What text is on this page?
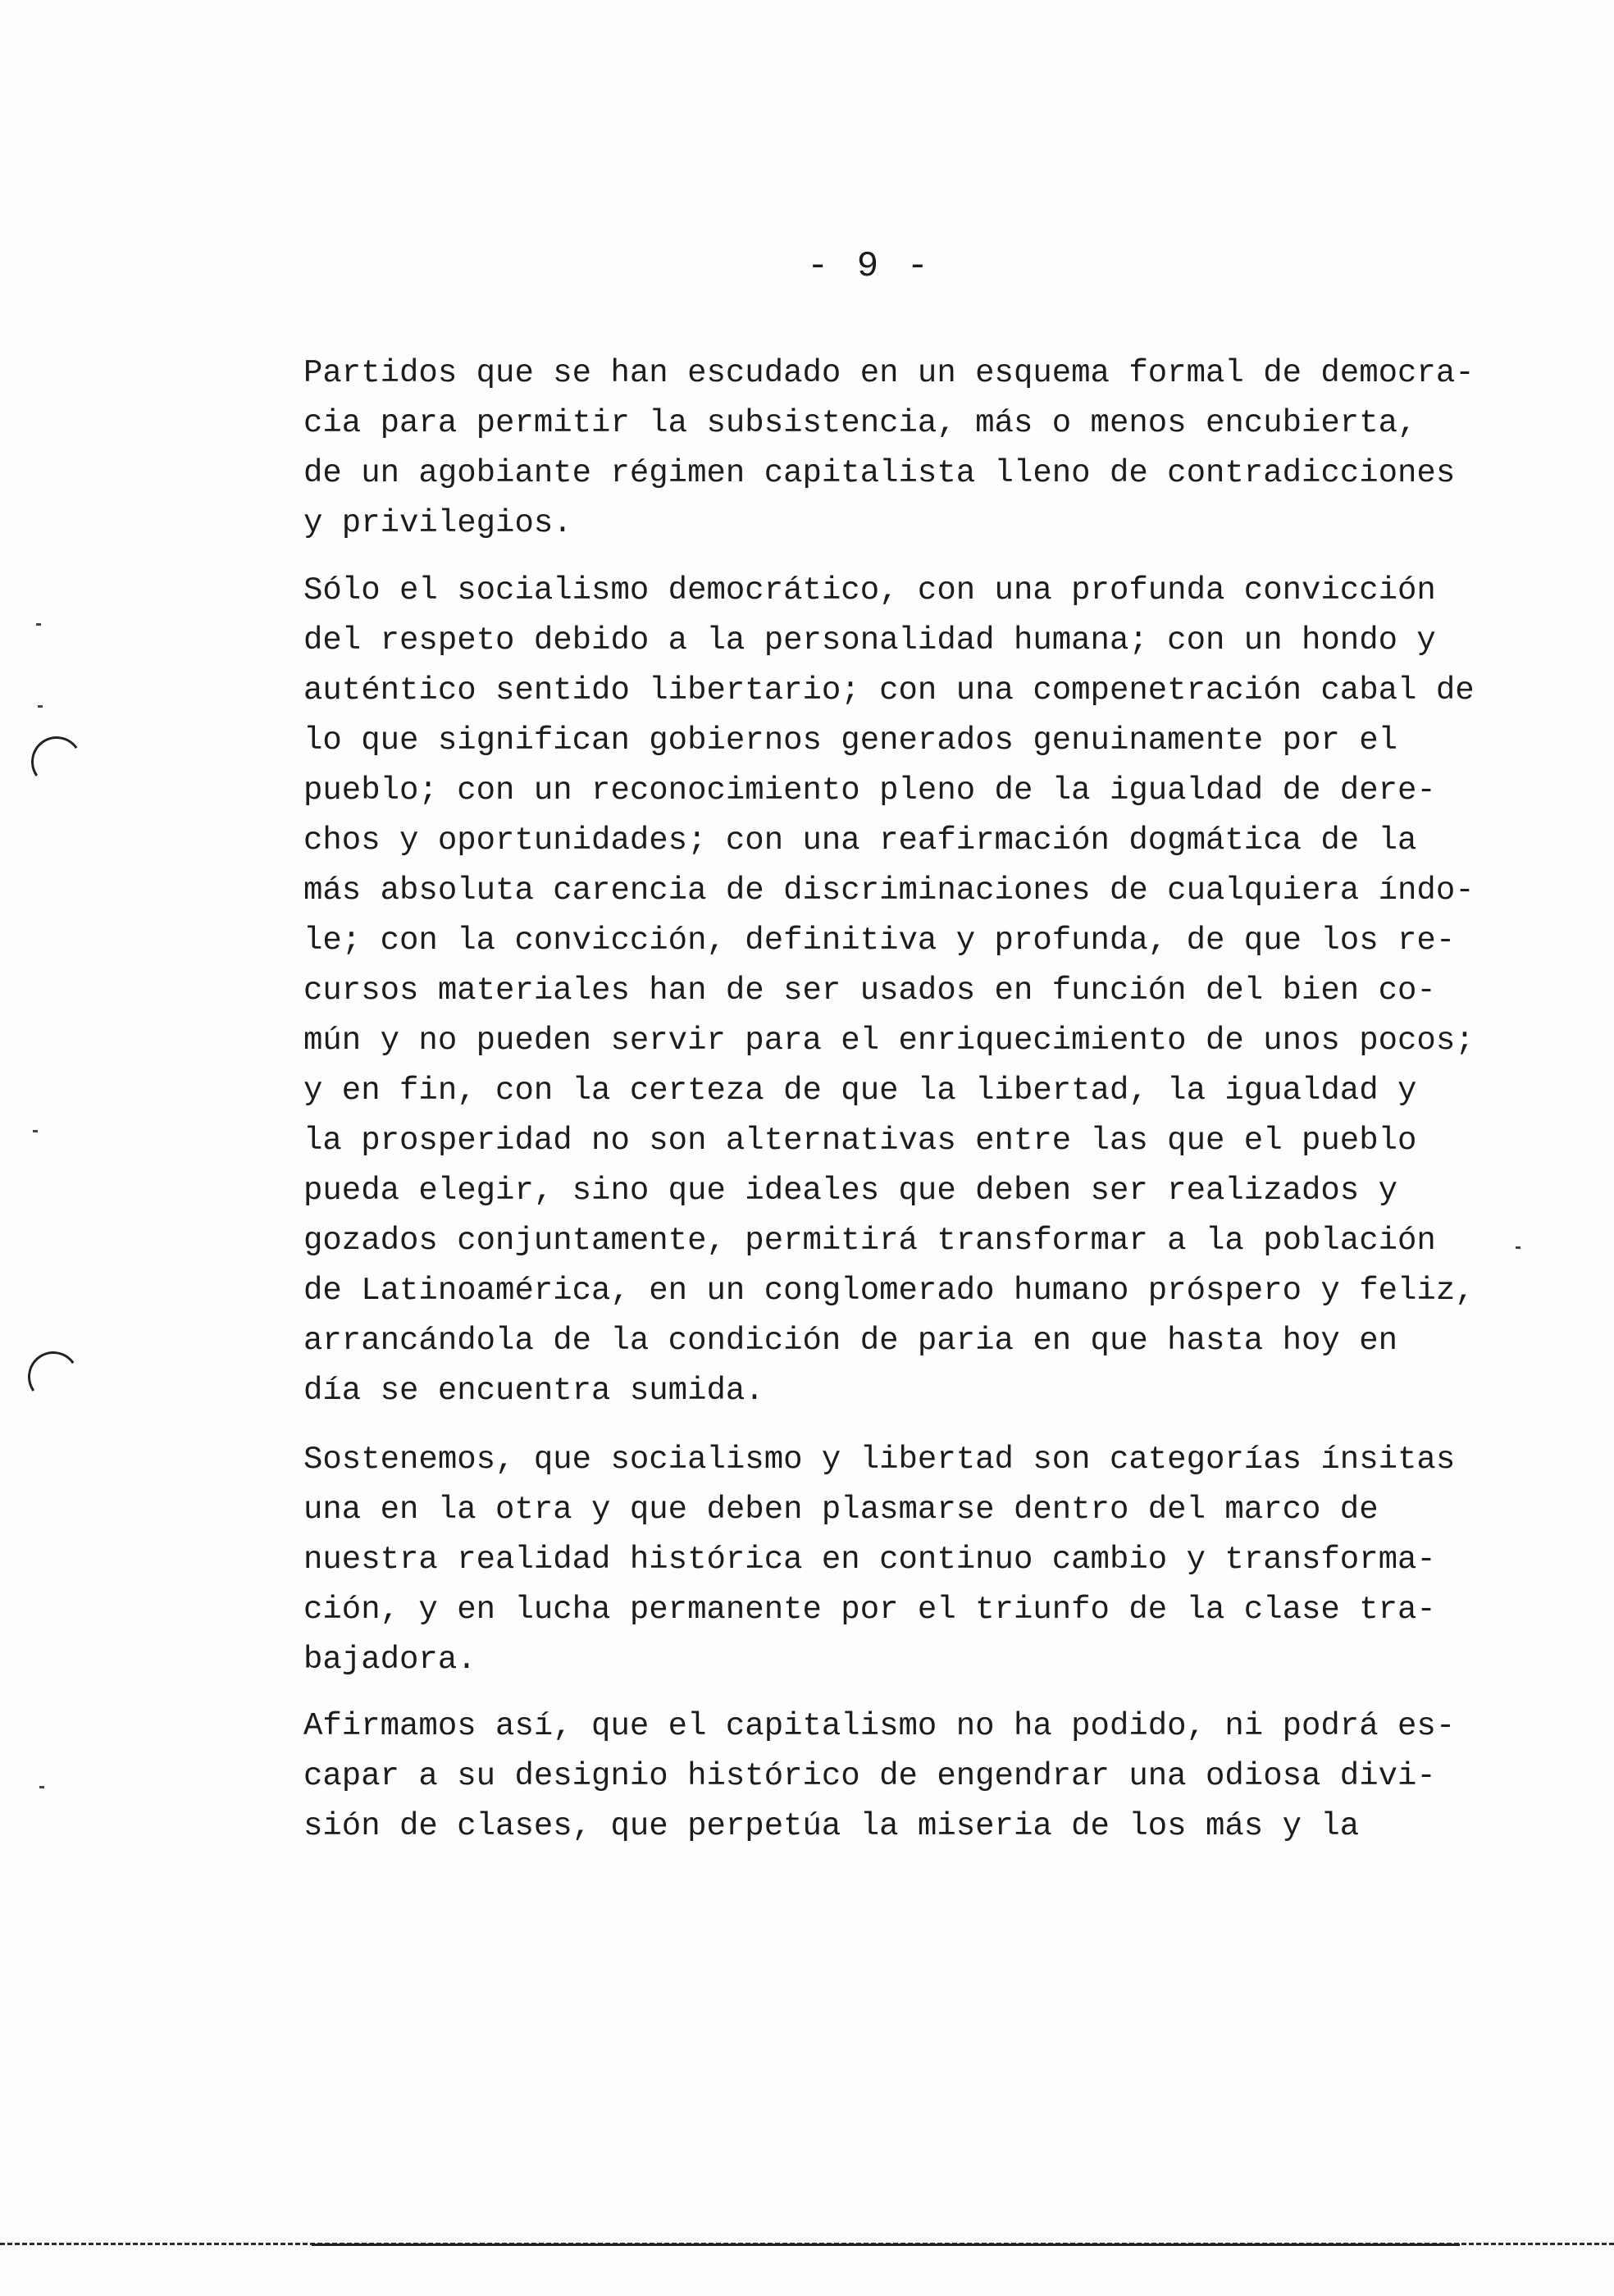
- 9 -
Partidos que se han escudado en un esquema formal de democra-
cia para permitir la subsistencia, más o menos encubierta,
de un agobiante régimen capitalista lleno de contradicciones
y privilegios.
Sólo el socialismo democrático, con una profunda convicción
del respeto debido a la personalidad humana; con un hondo y
auténtico sentido libertario; con una compenetración cabal de
lo que significan gobiernos generados genuinamente por el
pueblo; con un reconocimiento pleno de la igualdad de dere-
chos y oportunidades; con una reafirmación dogmática de la
más absoluta carencia de discriminaciones de cualquiera índo-
le; con la convicción, definitiva y profunda, de que los re-
cursos materiales han de ser usados en función del bien co-
mún y no pueden servir para el enriquecimiento de unos pocos;
y en fin, con la certeza de que la libertad, la igualdad y
la prosperidad no son alternativas entre las que el pueblo
pueda elegir, sino que ideales que deben ser realizados y
gozados conjuntamente, permitirá transformar a la población
de Latinoamérica, en un conglomerado humano próspero y feliz,
arrancándola de la condición de paria en que hasta hoy en
día se encuentra sumida.
Sostenemos, que socialismo y libertad son categorías ínsitas
una en la otra y que deben plasmarse dentro del marco de
nuestra realidad histórica en continuo cambio y transforma-
ción, y en lucha permanente por el triunfo de la clase tra-
bajadora.
Afirmamos así, que el capitalismo no ha podido, ni podrá es-
capar a su designio histórico de engendrar una odiosa divi-
sión de clases, que perpetúa la miseria de los más y la
